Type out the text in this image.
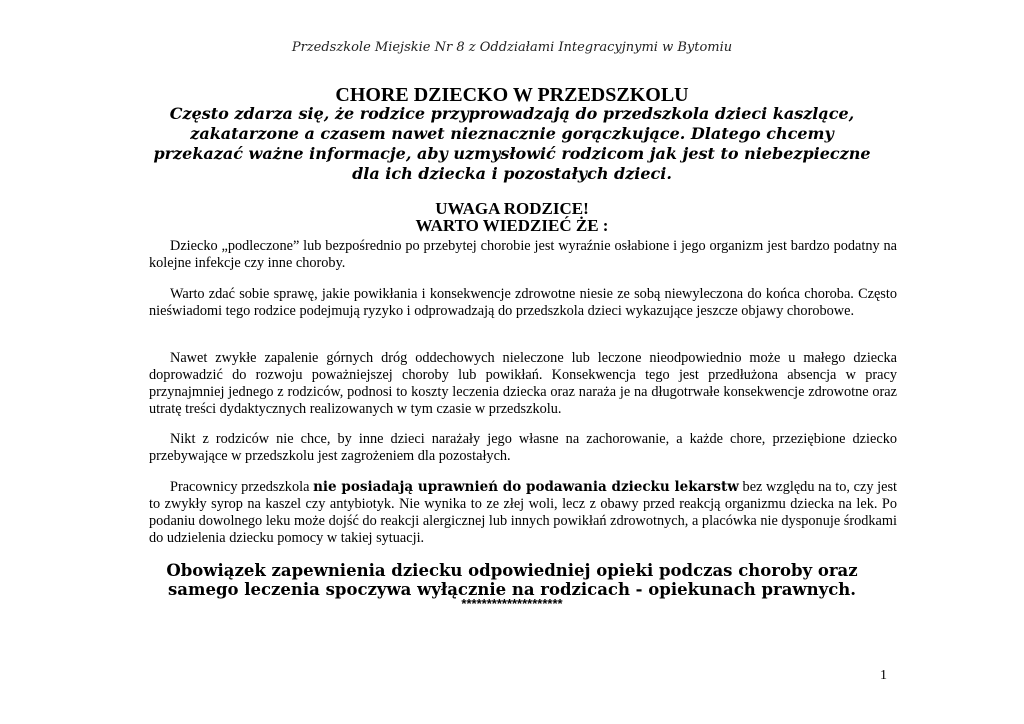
Przedszkole Miejskie Nr 8 z Oddziałami Integracyjnymi w Bytomiu
CHORE DZIECKO W PRZEDSZKOLU
Często zdarza się, że rodzice przyprowadzają do przedszkola dzieci kaszlące, zakatarzone a czasem nawet nieznacznie gorączkujące. Dlatego chcemy przekazać ważne informacje, aby uzmysłowić rodzicom jak jest to niebezpieczne dla ich dziecka i pozostałych dzieci.
UWAGA RODZICE!
WARTO WIEDZIEĆ ŻE :

Dziecko „podleczone” lub bezpośrednio po przebytej chorobie jest wyraźnie osłabione i jego organizm jest bardzo podatny na kolejne infekcje czy inne choroby.

Warto zdać sobie sprawę, jakie powikłania i konsekwencje zdrowotne niesie ze sobą niewyleczona do końca choroba. Często nieświadomi tego rodzice podejmują ryzyko i odprowadzają do przedszkola dzieci wykazujące jeszcze objawy chorobowe.

Nawet zwykłe zapalenie górnych dróg oddechowych nieleczone lub leczone nieodpowiednio może u małego dziecka doprowadzić do rozwoju poważniejszej choroby lub powikłań. Konsekwencja tego jest przedłużona absencja w pracy przynajmniej jednego z rodziców, podnosi to koszty leczenia dziecka oraz naraża je na długotrwałe konsekwencje zdrowotne oraz utratę treści dydaktycznych realizowanych w tym czasie w przedszkolu.

Nikt z rodziców nie chce, by inne dzieci narażały jego własne na zachorowanie, a każde chore, przeziębione dziecko przebywające w przedszkolu jest zagrożeniem dla pozostałych.

Pracownicy przedszkola nie posiadają uprawnień do podawania dziecku lekarstw bez względu na to, czy jest to zwykły syrop na kaszel czy antybiotyk. Nie wynika to ze złej woli, lecz z obawy przed reakcją organizmu dziecka na lek. Po podaniu dowolnego leku może dojść do reakcji alergicznej lub innych powikłań zdrowotnych, a placówka nie dysponuje środkami do udzielenia dziecku pomocy w takiej sytuacji.

Obowiązek zapewnienia dziecku odpowiedniej opieki podczas choroby oraz samego leczenia spoczywa wyłącznie na rodzicach - opiekunach prawnych.
********************
1
